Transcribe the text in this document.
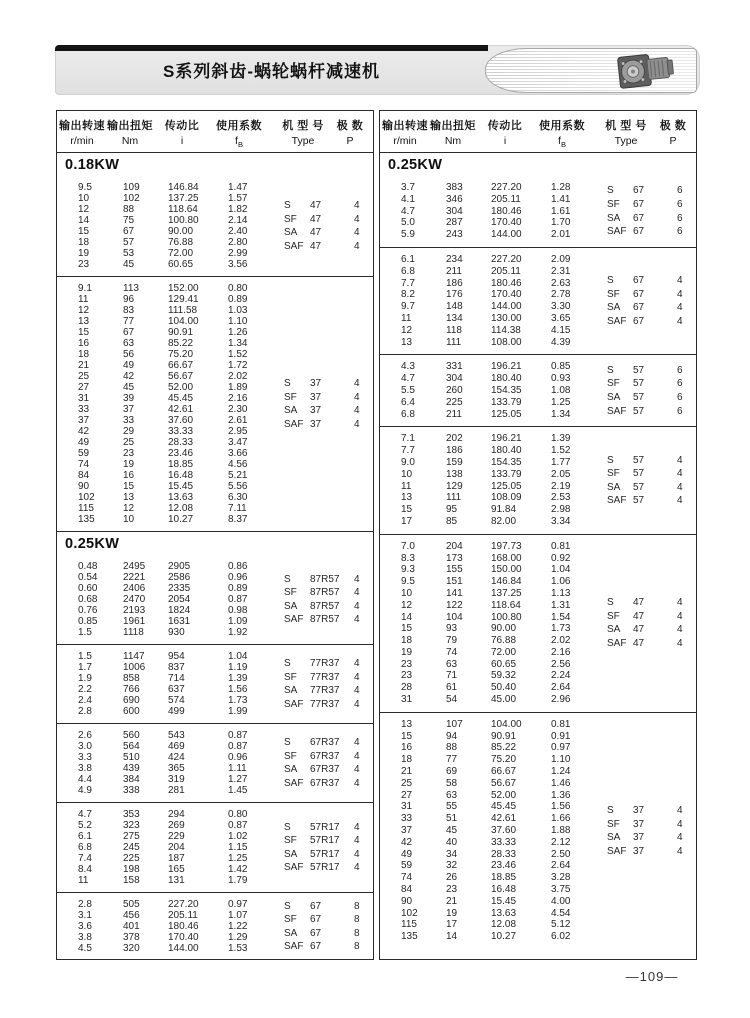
S系列斜齿-蜗轮蜗杆减速机
输出转速
r/min
输出扭矩
Nm
传动比
i
使用系数
$f_B$
机 型 号
Type
极 数
P
0.18KW
9.5	109	146.84	1.47
10	102	137.25	1.57
12	88	118.64	1.82
14	75	100.80	2.14
15	67	90.00	2.40
18	57	76.88	2.80
19	53	72.00	2.99
23	45	60.65	3.56
S	47	4
SF	47	4
SA	47	4
SAF 47	4
9.1	113	152.00	0.80
11	96	129.41	0.89
12	83	111.58	1.03
13	77	104.00	1.10
15	67	90.91	1.26
16	63	85.22	1.34
18	56	75.20	1.52
21	49	66.67	1.72
25	42	56.67	2.02
27	45	52.00	1.89
31	39	45.45	2.16
33	37	42.61	2.30
37	33	37.60	2.61
42	29	33.33	2.95
49	25	28.33	3.47
59	23	23.46	3.66
74	19	18.85	4.56
84	16	16.48	5.21
90	15	15.45	5.56
102	13	13.63	6.30
115	12	12.08	7.11
135	10	10.27	8.37
S	37	4
SF	37	4
SA	37	4
SAF 37	4
0.25KW
0.48	2495	2905	0.86
0.54	2221	2586	0.96
0.60	2406	2335	0.89
0.68	2470	2054	0.87
0.76	2193	1824	0.98
0.85	1961	1631	1.09
1.5	1118	930	1.92
S	87R57	4
SF	87R57	4
SA	87R57	4
SAF 87R57	4
1.5	1147	954	1.04
1.7	1006	837	1.19
1.9	858	714	1.39
2.2	766	637	1.56
2.4	690	574	1.73
2.8	600	499	1.99
S	77R37	4
SF	77R37	4
SA	77R37	4
SAF 77R37	4
2.6	560	543	0.87
3.0	564	469	0.87
3.3	510	424	0.96
3.8	439	365	1.11
4.4	384	319	1.27
4.9	338	281	1.45
S	67R37	4
SF	67R37	4
SA	67R37	4
SAF 67R37	4
4.7	353	294	0.80
5.2	323	269	0.87
6.1	275	229	1.02
6.8	245	204	1.15
7.4	225	187	1.25
8.4	198	165	1.42
11	158	131	1.79
S	57R17	4
SF	57R17	4
SA	57R17	4
SAF 57R17	4
2.8	505	227.20	0.97
3.1	456	205.11	1.07
3.6	401	180.46	1.22
3.8	378	170.40	1.29
4.5	320	144.00	1.53
S	67	8
SF	67	8
SA	67	8
SAF 67	8
输出转速
r/min
输出扭矩
Nm
传动比
i
使用系数
$f_B$
机 型 号
Type
极 数
P
0.25KW
3.7	383	227.20	1.28
4.1	346	205.11	1.41
4.7	304	180.46	1.61
5.0	287	170.40	1.70
5.9	243	144.00	2.01
S	67	6
SF	67	6
SA	67	6
SAF 67	6
6.1	234	227.20	2.09
6.8	211	205.11	2.31
7.7	186	180.46	2.63
8.2	176	170.40	2.78
9.7	148	144.00	3.30
11	134	130.00	3.65
12	118	114.38	4.15
13	111	108.00	4.39
S	67	4
SF	67	4
SA	67	4
SAF 67	4
4.3	331	196.21	0.85
4.7	304	180.40	0.93
5.5	260	154.35	1.08
6.4	225	133.79	1.25
6.8	211	125.05	1.34
S	57	6
SF	57	6
SA	57	6
SAF 57	6
7.1	202	196.21	1.39
7.7	186	180.40	1.52
9.0	159	154.35	1.77
10	138	133.79	2.05
11	129	125.05	2.19
13	111	108.09	2.53
15	95	91.84	2.98
17	85	82.00	3.34
S	57	4
SF	57	4
SA	57	4
SAF 57	4
7.0	204	197.73	0.81
8.3	173	168.00	0.92
9.3	155	150.00	1.04
9.5	151	146.84	1.06
10	141	137.25	1.13
12	122	118.64	1.31
14	104	100.80	1.54
15	93	90.00	1.73
18	79	76.88	2.02
19	74	72.00	2.16
23	63	60.65	2.56
23	71	59.32	2.24
28	61	50.40	2.64
31	54	45.00	2.96
S	47	4
SF	47	4
SA	47	4
SAF 47	4
13	107	104.00	0.81
15	94	90.91	0.91
16	88	85.22	0.97
18	77	75.20	1.10
21	69	66.67	1.24
25	58	56.67	1.46
27	63	52.00	1.36
31	55	45.45	1.56
33	51	42.61	1.66
37	45	37.60	1.88
42	40	33.33	2.12
49	34	28.33	2.50
59	32	23.46	2.64
74	26	18.85	3.28
84	23	16.48	3.75
90	21	15.45	4.00
102	19	13.63	4.54
115	17	12.08	5.12
135	14	10.27	6.02
S	37	4
SF	37	4
SA	37	4
SAF 37	4
—109—
